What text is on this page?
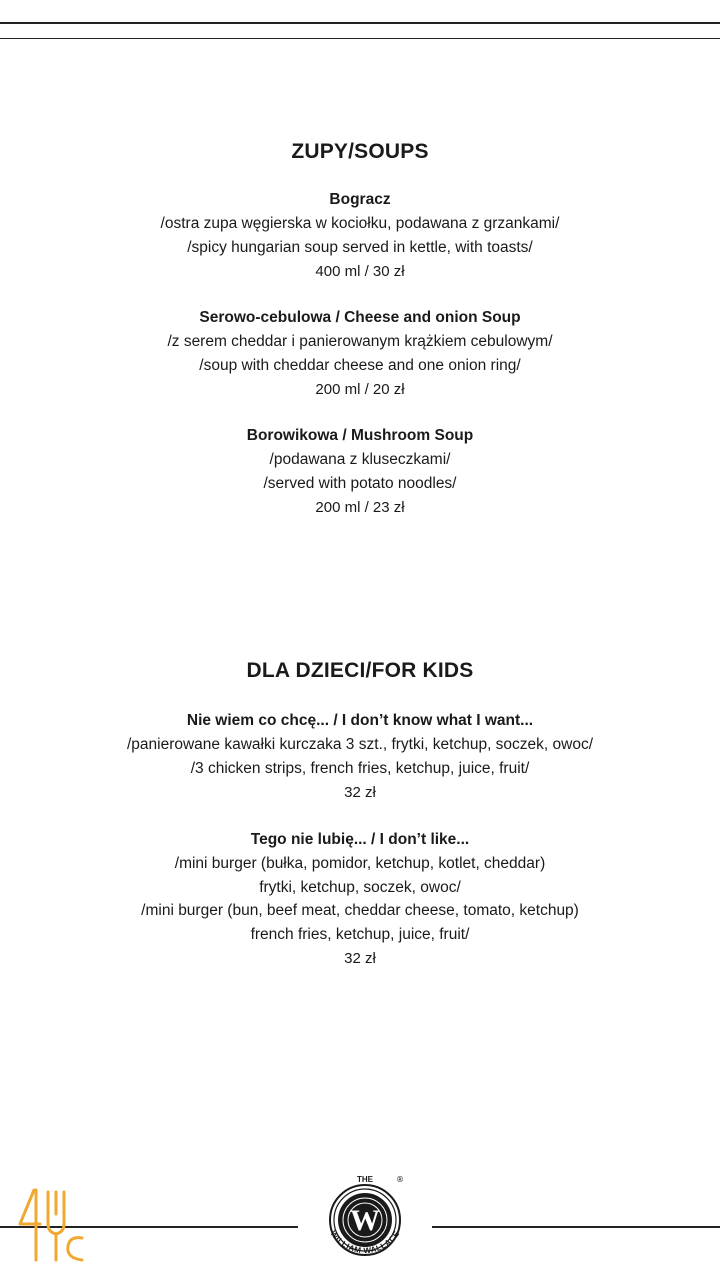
ZUPY/SOUPS
Bogracz
/ostra zupa węgierska w kociołku, podawana z grzankami/
/spicy hungarian soup served in kettle, with toasts/
400 ml / 30 zł
Serowo-cebulowa / Cheese and onion Soup
/z serem cheddar i panierowanym krążkiem cebulowym/
/soup with cheddar cheese and one onion ring/
200 ml / 20 zł
Borowikowa / Mushroom Soup
/podawana z kluseczkami/
/served with potato noodles/
200 ml / 23 zł
DLA DZIECI/FOR KIDS
Nie wiem co chcę... / I don’t know what I want...
/panierowane kawałki kurczaka 3 szt., frytki, ketchup, soczek, owoc/
/3 chicken strips, french fries, ketchup, juice, fruit/
32 zł
Tego nie lubię... / I don’t like...
/mini burger (bułka, pomidor, ketchup, kotlet, cheddar)
frytki, ketchup, soczek, owoc/
/mini burger (bun, beef meat, cheddar cheese, tomato, ketchup)
french fries, ketchup, juice, fruit/
32 zł
W
THE
WILLIAM WALLACE
®
